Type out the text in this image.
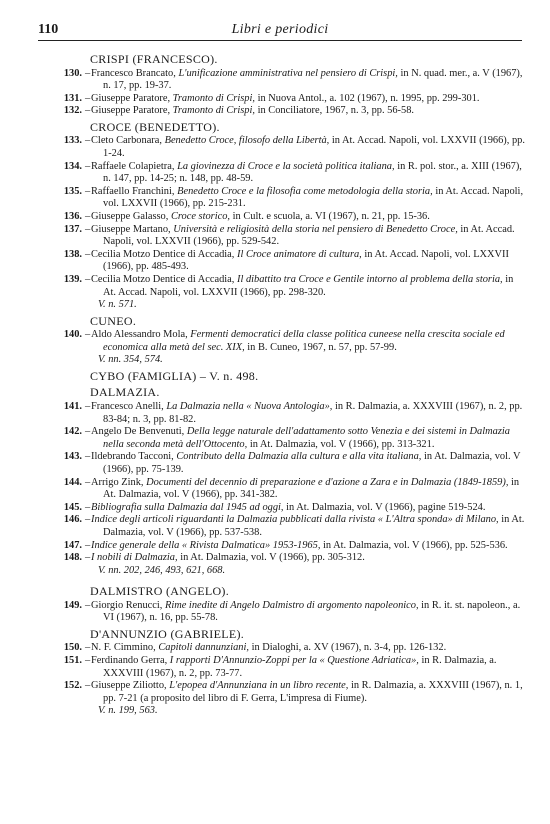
110	Libri e periodici
CRISPI (FRANCESCO).
130. – Francesco Brancato, L'unificazione amministrativa nel pensiero di Crispi, in N. quad. mer., a. V (1967), n. 17, pp. 19-37.
131. – Giuseppe Paratore, Tramonto di Crispi, in Nuova Antol., a. 102 (1967), n. 1995, pp. 299-301.
132. – Giuseppe Paratore, Tramonto di Crispi, in Conciliatore, 1967, n. 3, pp. 56-58.
CROCE (BENEDETTO).
133. – Cleto Carbonara, Benedetto Croce, filosofo della Libertà, in At. Accad. Napoli, vol. LXXVII (1966), pp. 1-24.
134. – Raffaele Colapietra, La giovinezza di Croce e la società politica italiana, in R. pol. stor., a. XIII (1967), n. 147, pp. 14-25; n. 148, pp. 48-59.
135. – Raffaello Franchini, Benedetto Croce e la filosofia come metodologia della storia, in At. Accad. Napoli, vol. LXXVII (1966), pp. 215-231.
136. – Giuseppe Galasso, Croce storico, in Cult. e scuola, a. VI (1967), n. 21, pp. 15-36.
137. – Giuseppe Martano, Università e religiosità della storia nel pensiero di Benedetto Croce, in At. Accad. Napoli, vol. LXXVII (1966), pp. 529-542.
138. – Cecilia Motzo Dentice di Accadia, Il Croce animatore di cultura, in At. Accad. Napoli, vol. LXXVII (1966), pp. 485-493.
139. – Cecilia Motzo Dentice di Accadia, Il dibattito tra Croce e Gentile intorno al problema della storia, in At. Accad. Napoli, vol. LXXVII (1966), pp. 298-320.
V. n. 571.
CUNEO.
140. – Aldo Alessandro Mola, Fermenti democratici della classe politica cuneese nella crescita sociale ed economica alla metà del sec. XIX, in B. Cuneo, 1967, n. 57, pp. 57-99.
V. nn. 354, 574.
CYBO (FAMIGLIA) – V. n. 498.
DALMAZIA.
141. – Francesco Anelli, La Dalmazia nella « Nuova Antologia», in R. Dalmazia, a. XXXVIII (1967), n. 2, pp. 83-84; n. 3, pp. 81-82.
142. – Angelo De Benvenuti, Della legge naturale dell'adattamento sotto Venezia e dei sistemi in Dalmazia nella seconda metà dell'Ottocento, in At. Dalmazia, vol. V (1966), pp. 313-321.
143. – Ildebrando Tacconi, Contributo della Dalmazia alla cultura e alla vita italiana, in At. Dalmazia, vol. V (1966), pp. 75-139.
144. – Arrigo Zink, Documenti del decennio di preparazione e d'azione a Zara e in Dalmazia (1849-1859), in At. Dalmazia, vol. V (1966), pp. 341-382.
145. – Bibliografia sulla Dalmazia dal 1945 ad oggi, in At. Dalmazia, vol. V (1966), pagine 519-524.
146. – Indice degli articoli riguardanti la Dalmazia pubblicati dalla rivista « L'Altra sponda» di Milano, in At. Dalmazia, vol. V (1966), pp. 537-538.
147. – Indice generale della « Rivista Dalmatica» 1953-1965, in At. Dalmazia, vol. V (1966), pp. 525-536.
148. – I nobili di Dalmazia, in At. Dalmazia, vol. V (1966), pp. 305-312.
V. nn. 202, 246, 493, 621, 668.
DALMISTRO (ANGELO).
149. – Giorgio Renucci, Rime inedite di Angelo Dalmistro di argomento napoleonico, in R. it. st. napoleon., a. VI (1967), n. 16, pp. 55-78.
D'ANNUNZIO (GABRIELE).
150. – N. F. Cimmino, Capitoli dannunziani, in Dialoghi, a. XV (1967), n. 3-4, pp. 126-132.
151. – Ferdinando Gerra, I rapporti D'Annunzio-Zoppi per la « Questione Adriatica», in R. Dalmazia, a. XXXVIII (1967), n. 2, pp. 73-77.
152. – Giuseppe Ziliotto, L'epopea d'Annunziana in un libro recente, in R. Dalmazia, a. XXXVIII (1967), n. 1, pp. 7-21 (a proposito del libro di F. Gerra, L'impresa di Fiume).
V. n. 199, 563.
